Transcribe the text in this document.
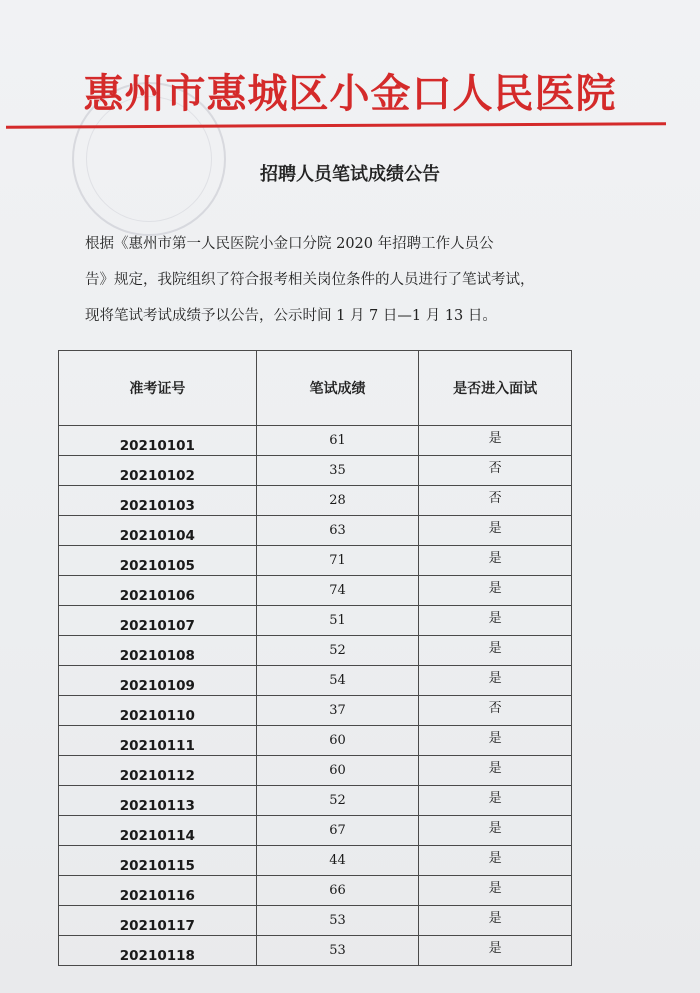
惠州市惠城区小金口人民医院
招聘人员笔试成绩公告
根据《惠州市第一人民医院小金口分院 2020 年招聘工作人员公
告》规定，我院组织了符合报考相关岗位条件的人员进行了笔试考试，
现将笔试考试成绩予以公告，公示时间 1 月 7 日—1 月 13 日。
准考证号	笔试成绩	是否进入面试
20210101	61	是
20210102	35	否
20210103	28	否
20210104	63	是
20210105	71	是
20210106	74	是
20210107	51	是
20210108	52	是
20210109	54	是
20210110	37	否
20210111	60	是
20210112	60	是
20210113	52	是
20210114	67	是
20210115	44	是
20210116	66	是
20210117	53	是
20210118	53	是
